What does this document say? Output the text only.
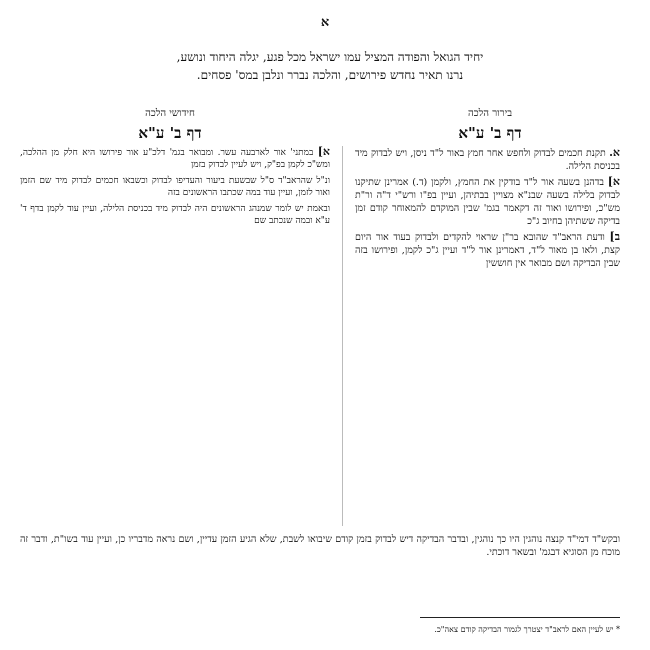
א
יחיד הגואל והפודה המציל עמו ישראל מכל פגע, יגלה היחוד ונושע,
נרנו תאיר נחדש פירושים, והלכה נברר ונלבן במס' פסחים.
בירור הלכה
חידושי הלכה
דף ב' ע"א
דף ב' ע"א

א. תקנת חכמים לבדוק ולחפש אחר חמץ באור ל"ד ניסן, ויש לבדוק מיד בכניסת הלילה.

א] בדהנן בשעה אור ל"ד בודקין את החמץ, ולקמן (ד.) אמרינן שתיקנו לבדוק בלילה בשעה שבנ"א מצויין בבתיהן, ועיין בפ"ו ורש"י ד"ה ור"ת מש"כ, ופירושו ואור זה דקאמר בגמ' שבין המוקדם להמאוחר קודם זמן בדיקה ששתיהן בחיוב ג"כ

ב] ודעת הראב"ד שהובא בר"ן שראוי להקדים ולבדוק בעוד אור היום קצת, ולאו בן מאור ל"ד, דאמרינן אור ל"ד ועיין ג"כ לקמן, ופירושו בזה שבין הבדיקה ושם מבואר אין חוששין

א] במתני' אור לארבעה עשר. ומבואר בגמ' דלכ"ע אור פירושו היא חלק מן ההלכה, ומש"כ לקמן בפ"ק, ויש לעיין לבדוק בזמן

ונ"ל שהראב"ד ס"ל שבשעת ביעור והעדיפו לבדוק וכשבאו חכמים לבדוק מיד שם הזמן ואור לזמן, ועיין עוד במה שכתבו הראשונים בזה

ובאמת יש לומר שמנהג הראשונים היה לבדוק מיד בכניסת הלילה, ועיין עוד לקמן בדף ד' ע"א ובמה שנכתב שם

ובקש"ד דמי"ד קנצה נוהגין היו כך נוהגין, ובדבר הבדיקה דיש לבדוק בזמן קודם שיבואו לשבת, שלא הגיע הזמן עדיין, ושם נראה מדבריו כן, ועיין עוד בשו"ת, ודבר זה מוכח מן הסוגיא דבגמ' ובשאר דוכתי.
* יש לעיין האם לראב"ד יצטרך לגמור הבדיקה קודם צאה"כ.
